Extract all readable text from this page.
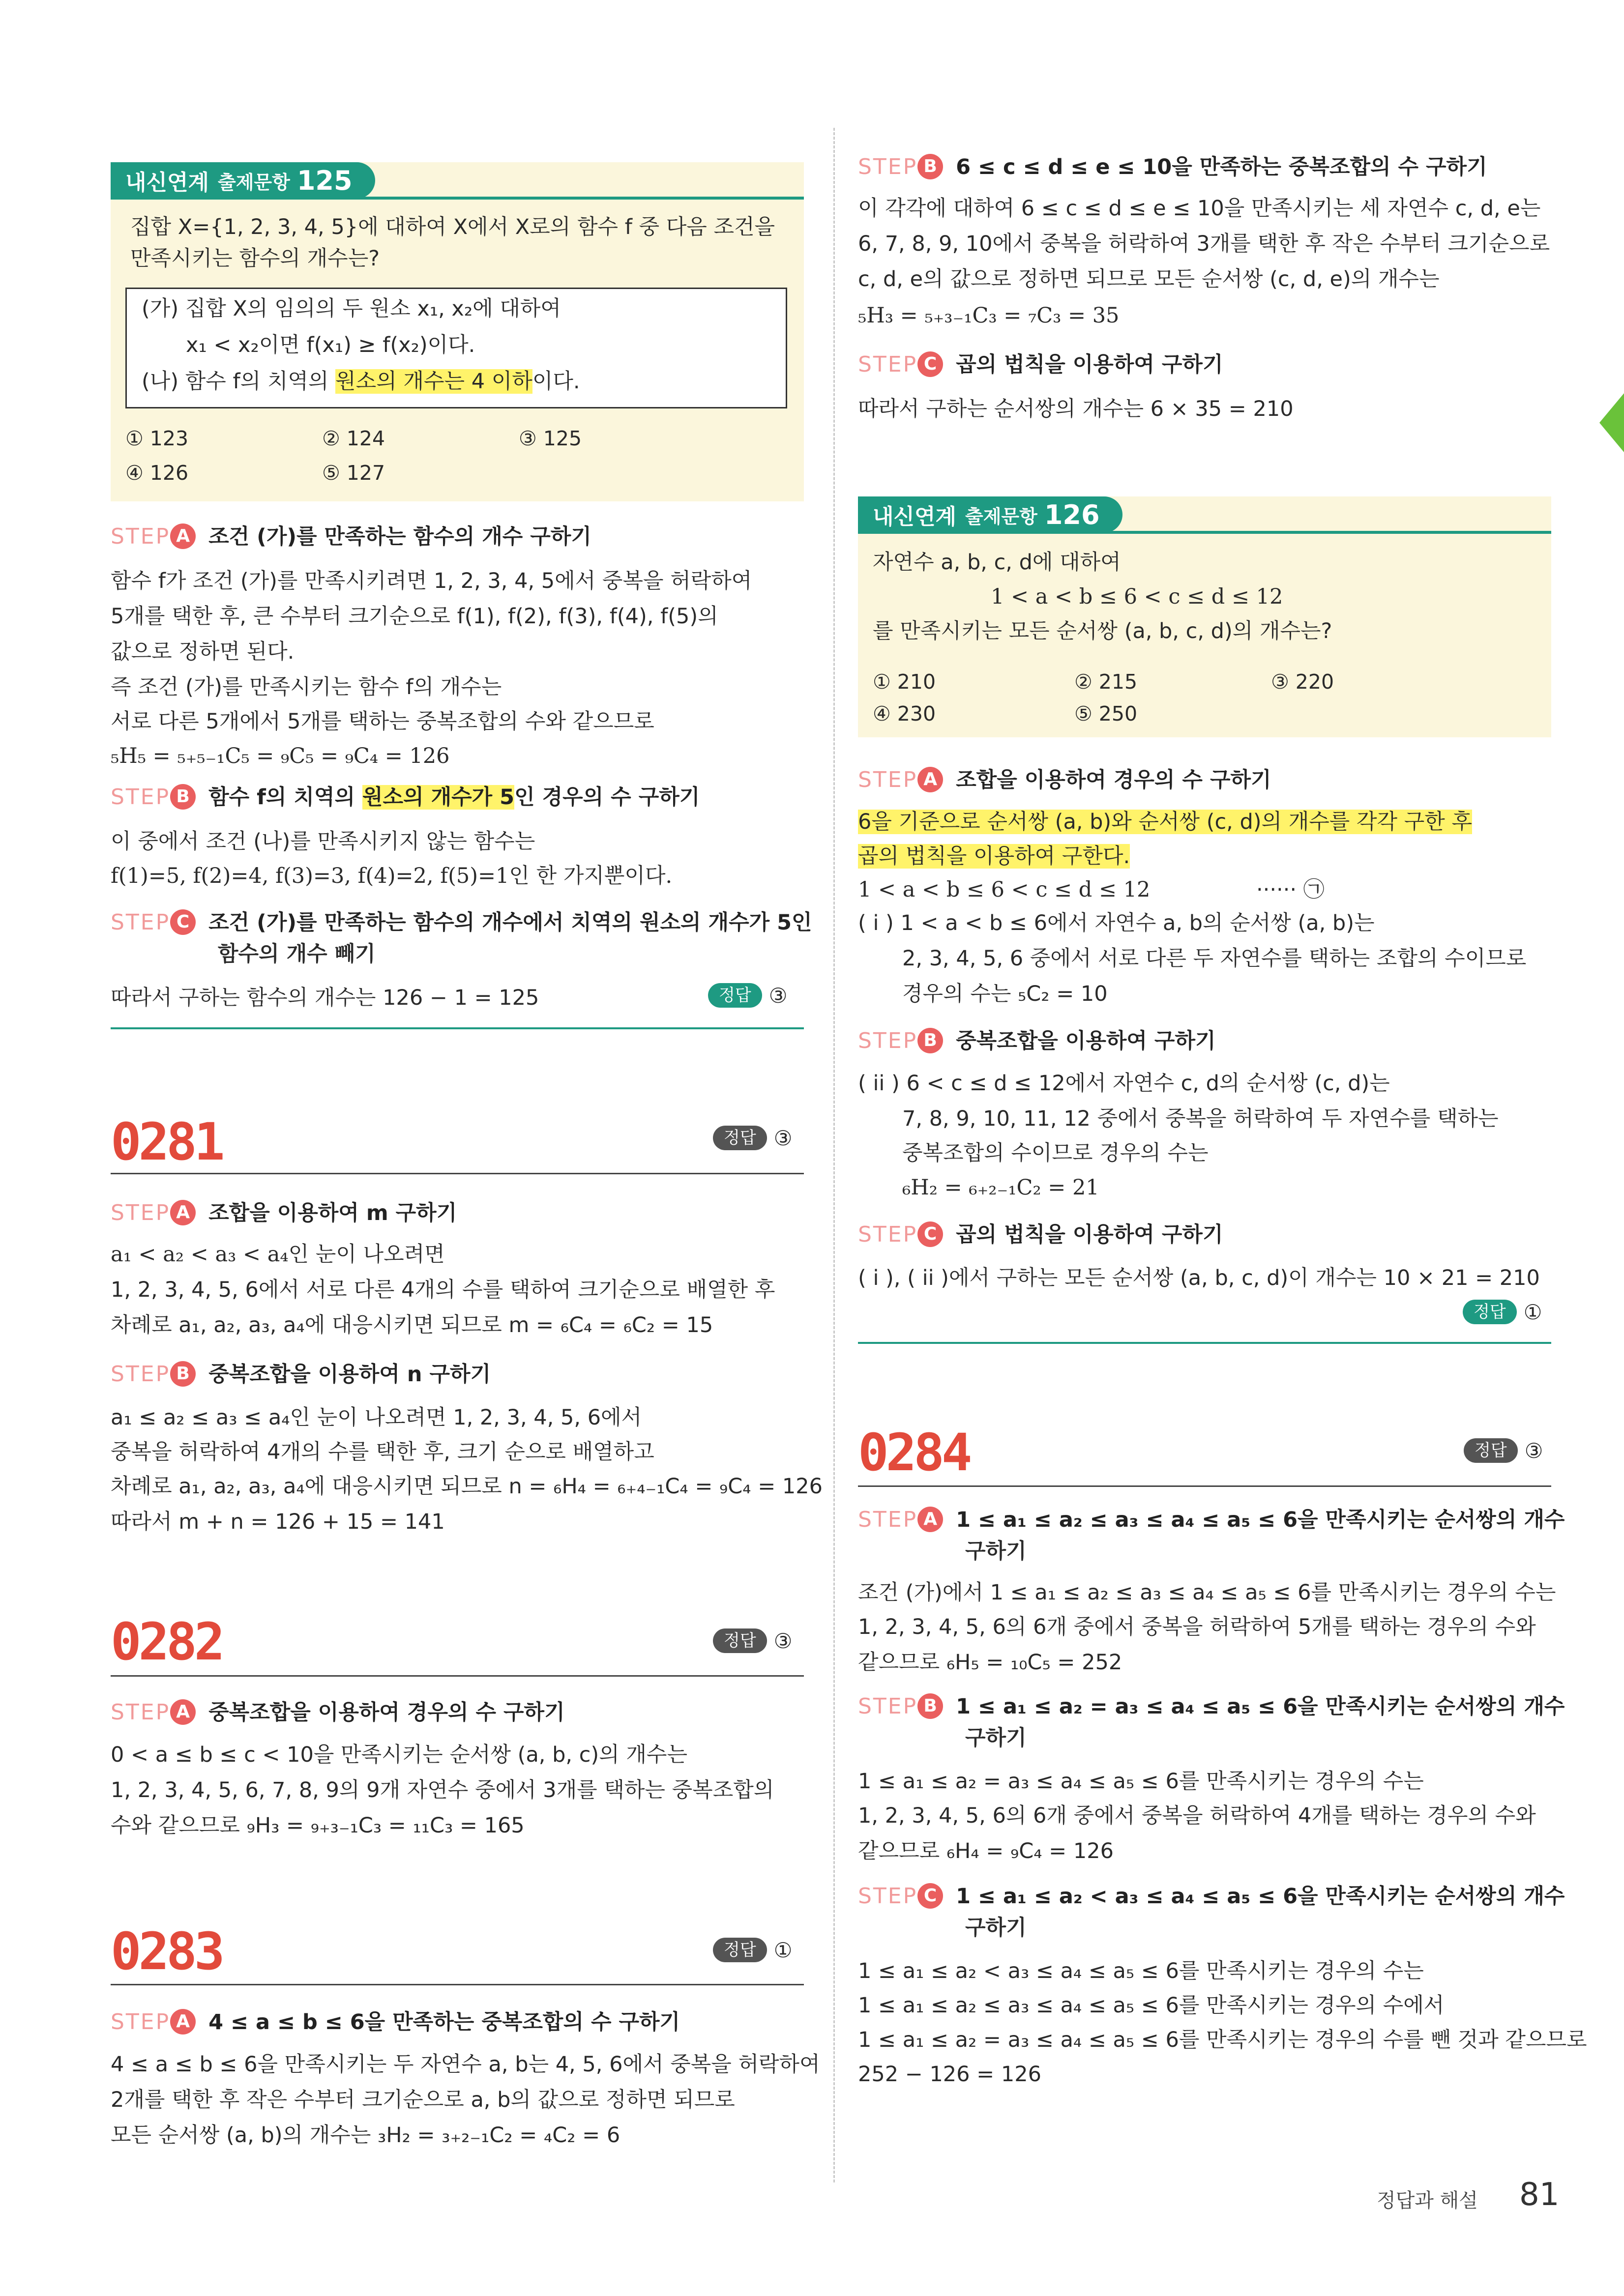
내신연계 출제문항 125
집합 X={1, 2, 3, 4, 5}에 대하여 X에서 X로의 함수 f 중 다음 조건을
만족시키는 함수의 개수는?
(가) 집합 X의 임의의 두 원소 x₁, x₂에 대하여
x₁ < x₂이면 f(x₁) ≥ f(x₂)이다.
(나) 함수 f의 치역의 원소의 개수는 4 이하이다.
① 123	② 124	③ 125
④ 126	⑤ 127
STEP A 조건 (가)를 만족하는 함수의 개수 구하기
함수 f가 조건 (가)를 만족시키려면 1, 2, 3, 4, 5에서 중복을 허락하여
5개를 택한 후, 큰 수부터 크기순으로 f(1), f(2), f(3), f(4), f(5)의
값으로 정하면 된다.
즉 조건 (가)를 만족시키는 함수 f의 개수는
서로 다른 5개에서 5개를 택하는 중복조합의 수와 같으므로
₅H₅ = ₅₊₅₋₁C₅ = ₉C₅ = ₉C₄ = 126
STEP B 함수 f의 치역의 원소의 개수가 5인 경우의 수 구하기
이 중에서 조건 (나)를 만족시키지 않는 함수는
f(1)=5, f(2)=4, f(3)=3, f(4)=2, f(5)=1인 한 가지뿐이다.
STEP C 조건 (가)를 만족하는 함수의 개수에서 치역의 원소의 개수가 5인
함수의 개수 빼기
따라서 구하는 함수의 개수는 126 − 1 = 125	정답 ③
0281	정답 ③
STEP A 조합을 이용하여 m 구하기
a₁ < a₂ < a₃ < a₄인 눈이 나오려면
1, 2, 3, 4, 5, 6에서 서로 다른 4개의 수를 택하여 크기순으로 배열한 후
차례로 a₁, a₂, a₃, a₄에 대응시키면 되므로 m = ₆C₄ = ₆C₂ = 15
STEP B 중복조합을 이용하여 n 구하기
a₁ ≤ a₂ ≤ a₃ ≤ a₄인 눈이 나오려면 1, 2, 3, 4, 5, 6에서
중복을 허락하여 4개의 수를 택한 후, 크기 순으로 배열하고
차례로 a₁, a₂, a₃, a₄에 대응시키면 되므로 n = ₆H₄ = ₆₊₄₋₁C₄ = ₉C₄ = 126
따라서 m + n = 126 + 15 = 141
0282	정답 ③
STEP A 중복조합을 이용하여 경우의 수 구하기
0 < a ≤ b ≤ c < 10을 만족시키는 순서쌍 (a, b, c)의 개수는
1, 2, 3, 4, 5, 6, 7, 8, 9의 9개 자연수 중에서 3개를 택하는 중복조합의
수와 같으므로 ₉H₃ = ₉₊₃₋₁C₃ = ₁₁C₃ = 165
0283	정답 ①
STEP A 4 ≤ a ≤ b ≤ 6을 만족하는 중복조합의 수 구하기
4 ≤ a ≤ b ≤ 6을 만족시키는 두 자연수 a, b는 4, 5, 6에서 중복을 허락하여
2개를 택한 후 작은 수부터 크기순으로 a, b의 값으로 정하면 되므로
모든 순서쌍 (a, b)의 개수는 ₃H₂ = ₃₊₂₋₁C₂ = ₄C₂ = 6
STEP B 6 ≤ c ≤ d ≤ e ≤ 10을 만족하는 중복조합의 수 구하기
이 각각에 대하여 6 ≤ c ≤ d ≤ e ≤ 10을 만족시키는 세 자연수 c, d, e는
6, 7, 8, 9, 10에서 중복을 허락하여 3개를 택한 후 작은 수부터 크기순으로
c, d, e의 값으로 정하면 되므로 모든 순서쌍 (c, d, e)의 개수는
₅H₃ = ₅₊₃₋₁C₃ = ₇C₃ = 35
STEP C 곱의 법칙을 이용하여 구하기
따라서 구하는 순서쌍의 개수는 6 × 35 = 210
내신연계 출제문항 126
자연수 a, b, c, d에 대하여
1 < a < b ≤ 6 < c ≤ d ≤ 12
를 만족시키는 모든 순서쌍 (a, b, c, d)의 개수는?
① 210	② 215	③ 220
④ 230	⑤ 250
STEP A 조합을 이용하여 경우의 수 구하기
6을 기준으로 순서쌍 (a, b)와 순서쌍 (c, d)의 개수를 각각 구한 후
곱의 법칙을 이용하여 구한다.
1 < a < b ≤ 6 < c ≤ d ≤ 12	······ ㉠
( i ) 1 < a < b ≤ 6에서 자연수 a, b의 순서쌍 (a, b)는
2, 3, 4, 5, 6 중에서 서로 다른 두 자연수를 택하는 조합의 수이므로
경우의 수는 ₅C₂ = 10
STEP B 중복조합을 이용하여 구하기
( ii ) 6 < c ≤ d ≤ 12에서 자연수 c, d의 순서쌍 (c, d)는
7, 8, 9, 10, 11, 12 중에서 중복을 허락하여 두 자연수를 택하는
중복조합의 수이므로 경우의 수는
₆H₂ = ₆₊₂₋₁C₂ = 21
STEP C 곱의 법칙을 이용하여 구하기
( i ), ( ii )에서 구하는 모든 순서쌍 (a, b, c, d)이 개수는 10 × 21 = 210
정답 ①
0284	정답 ③
STEP A 1 ≤ a₁ ≤ a₂ ≤ a₃ ≤ a₄ ≤ a₅ ≤ 6을 만족시키는 순서쌍의 개수
구하기
조건 (가)에서 1 ≤ a₁ ≤ a₂ ≤ a₃ ≤ a₄ ≤ a₅ ≤ 6를 만족시키는 경우의 수는
1, 2, 3, 4, 5, 6의 6개 중에서 중복을 허락하여 5개를 택하는 경우의 수와
같으므로 ₆H₅ = ₁₀C₅ = 252
STEP B 1 ≤ a₁ ≤ a₂ = a₃ ≤ a₄ ≤ a₅ ≤ 6을 만족시키는 순서쌍의 개수
구하기
1 ≤ a₁ ≤ a₂ = a₃ ≤ a₄ ≤ a₅ ≤ 6를 만족시키는 경우의 수는
1, 2, 3, 4, 5, 6의 6개 중에서 중복을 허락하여 4개를 택하는 경우의 수와
같으므로 ₆H₄ = ₉C₄ = 126
STEP C 1 ≤ a₁ ≤ a₂ < a₃ ≤ a₄ ≤ a₅ ≤ 6을 만족시키는 순서쌍의 개수
구하기
1 ≤ a₁ ≤ a₂ < a₃ ≤ a₄ ≤ a₅ ≤ 6를 만족시키는 경우의 수는
1 ≤ a₁ ≤ a₂ ≤ a₃ ≤ a₄ ≤ a₅ ≤ 6를 만족시키는 경우의 수에서
1 ≤ a₁ ≤ a₂ = a₃ ≤ a₄ ≤ a₅ ≤ 6를 만족시키는 경우의 수를 뺀 것과 같으므로
252 − 126 = 126
정답과 해설 81
